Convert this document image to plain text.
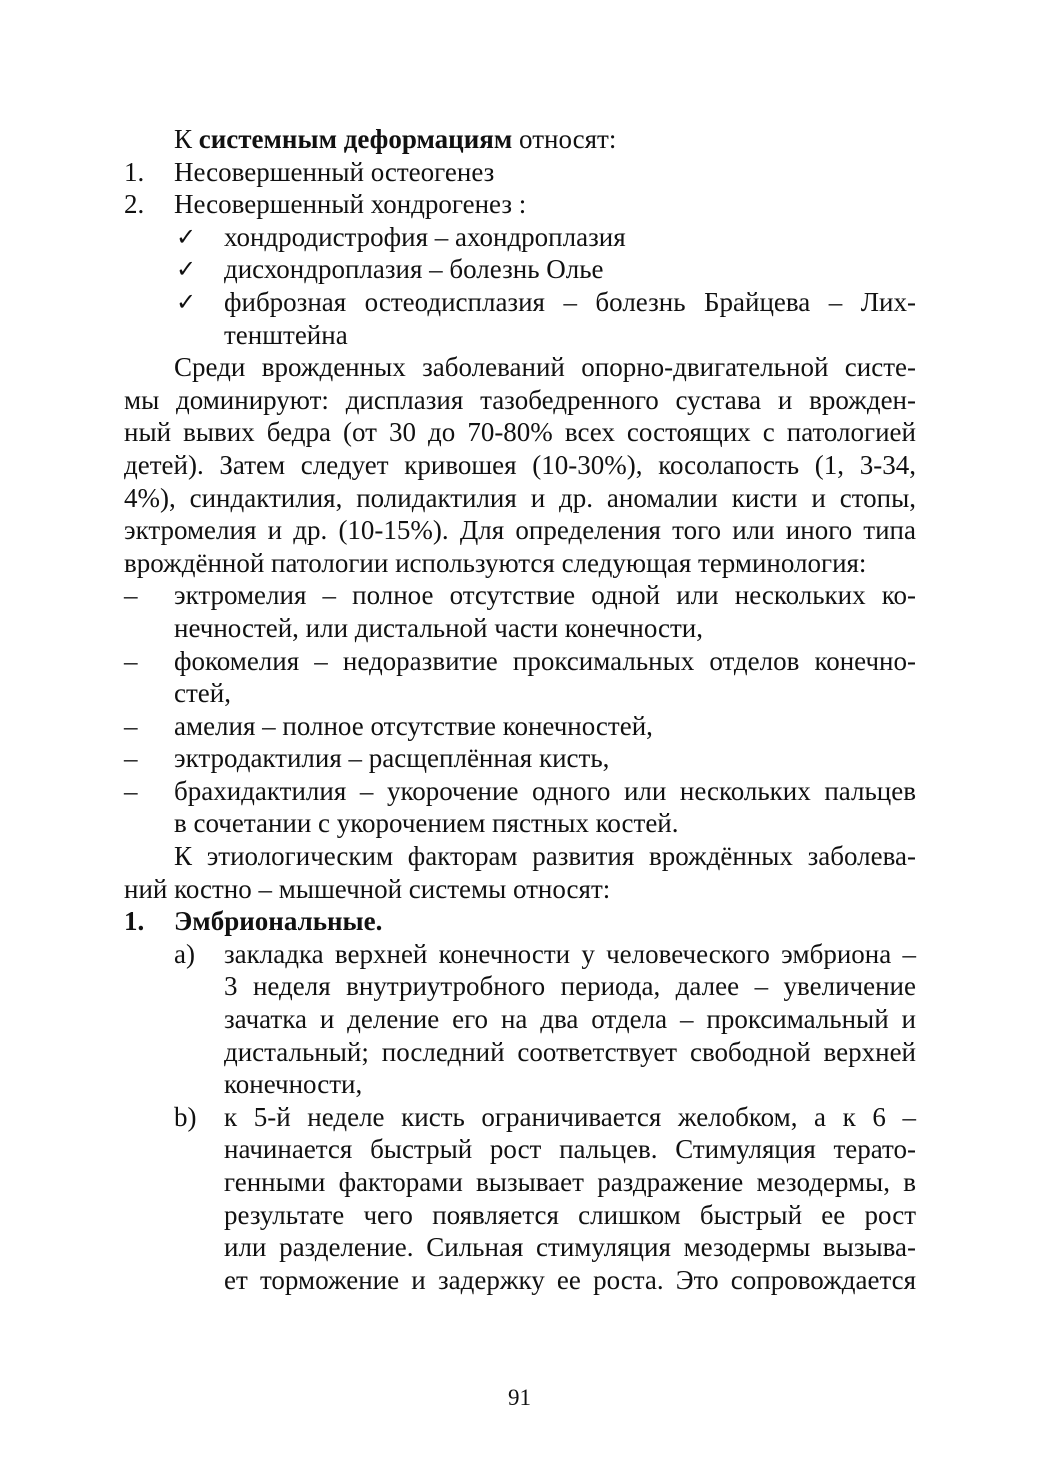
К системным деформациям относят:

1. Несовершенный остеогенез
2. Несовершенный хондрогенез :
✓ хондродистрофия – ахондроплазия
✓ дисхондроплазия – болезнь Олье
✓ фиброзная остеодисплазия – болезнь Брайцева – Лих-
тенштейна
Среди врожденных заболеваний опорно-двигательной систе-
мы доминируют: дисплазия тазобедренного сустава и врожден-
ный вывих бедра (от 30 до 70-80% всех состоящих с патологией
детей). Затем следует кривошея (10-30%), косолапость (1, 3-34,
4%), синдактилия, полидактилия и др. аномалии кисти и стопы,
эктромелия и др. (10-15%). Для определения того или иного типа
врождённой патологии используются следующая терминология:
– эктромелия – полное отсутствие одной или нескольких ко-
нечностей, или дистальной части конечности,
– фокомелия – недоразвитие проксимальных отделов конечно-
стей,
– амелия – полное отсутствие конечностей,
– эктродактилия – расщеплённая кисть,
– брахидактилия – укорочение одного или нескольких пальцев
в сочетании с укорочением пястных костей.
К этиологическим факторам развития врождённых заболева-
ний костно – мышечной системы относят:
1. Эмбриональные.
a) закладка верхней конечности у человеческого эмбриона –
3 неделя внутриутробного периода, далее – увеличение
зачатка и деление его на два отдела – проксимальный и
дистальный; последний соответствует свободной верхней
конечности,
b) к 5-й неделе кисть ограничивается желобком, а к 6 –
начинается быстрый рост пальцев. Стимуляция терато-
генными факторами вызывает раздражение мезодермы, в
результате чего появляется слишком быстрый ее рост
или разделение. Сильная стимуляция мезодермы вызыва-
ет торможение и задержку ее роста. Это сопровождается
91
